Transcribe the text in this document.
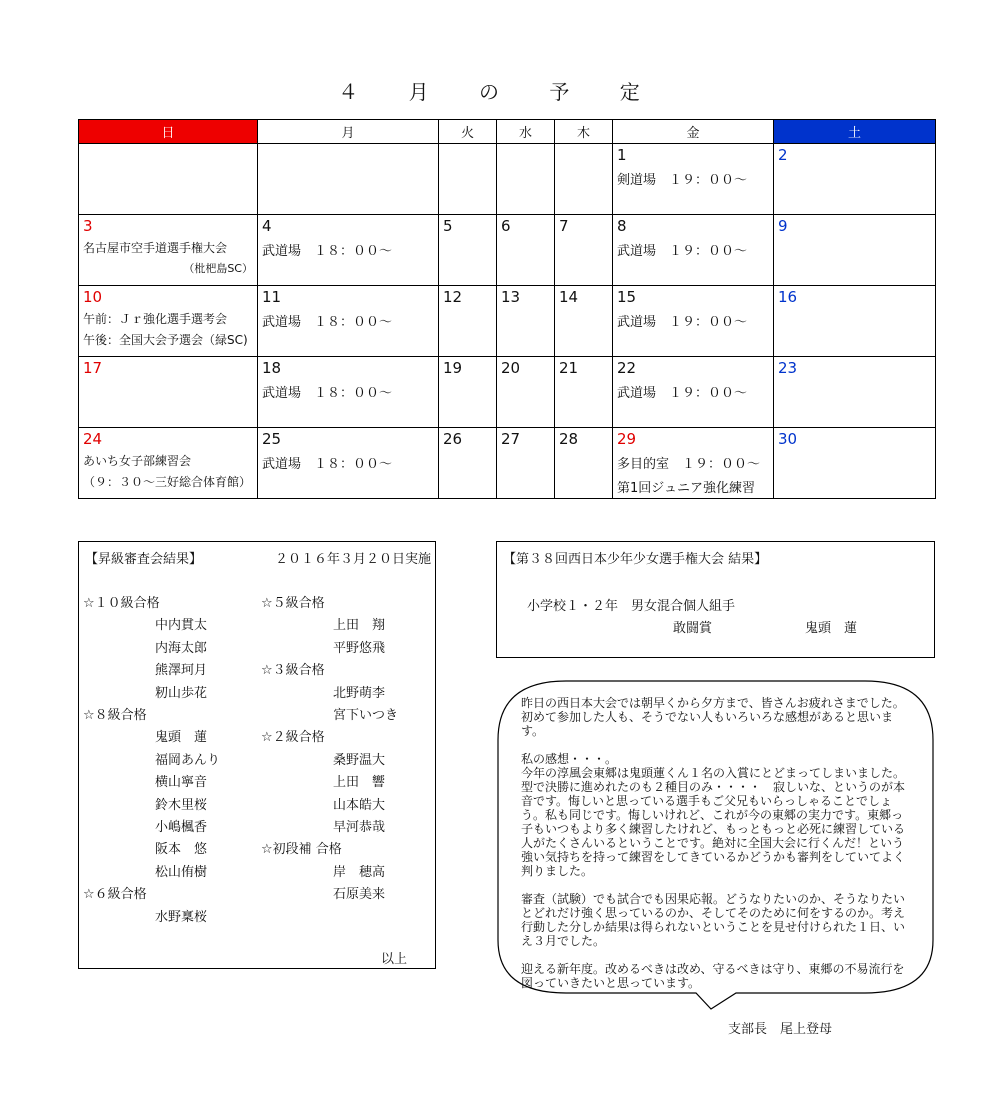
４ 月 の 予 定
日	月	火	水	木	金	土

					1
剣道場　１９：００～	2

3
名古屋市空手道選手権大会
（枇杷島SC）	4
武道場　１８：００～	5	6	7	8
武道場　１９：００～	9

10
午前：Ｊｒ強化選手選考会
午後：全国大会予選会（緑SC)	11
武道場　１８：００～	12	13	14	15
武道場　１９：００～	16

17	18
武道場　１８：００～	19	20	21	22
武道場　１９：００～	23

24
あいち女子部練習会
（９：３０～三好総合体育館）	25
武道場　１８：００～	26	27	28	29
多目的室　１９：００～
第1回ジュニア強化練習	30
【昇級審査会結果】	２０１６年３月２０日実施
☆１０級合格
中内貫太
内海太郎
熊澤珂月
籾山歩花
☆８級合格
鬼頭　蓮
福岡あんり
横山寧音
鈴木里桜
小嶋楓香
阪本　悠
松山侑樹
☆６級合格
水野稟桜
☆５級合格
上田　翔
平野悠飛
☆３級合格
北野萌李
宮下いつき
☆２級合格
桑野温大
上田　響
山本皓大
早河恭哉
☆初段補 合格
岸　穂高
石原美来
以上
【第３８回西日本少年少女選手権大会 結果】
小学校１・２年　男女混合個人組手
敢闘賞	鬼頭　蓮

昨日の西日本大会では朝早くから夕方まで、皆さんお疲れさまでした。初めて参加した人も、そうでない人もいろいろな感想があると思います。

私の感想・・・。
今年の淳風会東郷は鬼頭蓮くん１名の入賞にとどまってしまいました。型で決勝に進めれたのも２種目のみ・・・・　寂しいな、というのが本音です。悔しいと思っている選手もご父兄もいらっしゃることでしょう。私も同じです。悔しいけれど、これが今の東郷の実力です。東郷っ子もいつもより多く練習したけれど、もっともっと必死に練習している人がたくさんいるということです。絶対に全国大会に行くんだ！という強い気持ちを持って練習をしてきているかどうかも審判をしていてよく判りました。

審査（試験）でも試合でも因果応報。どうなりたいのか、そうなりたいとどれだけ強く思っているのか、そしてそのために何をするのか。考え行動した分しか結果は得られないということを見せ付けられた１日、いえ３月でした。

迎える新年度。改めるべきは改め、守るべきは守り、東郷の不易流行を図っていきたいと思っています。

支部長　尾上登母
